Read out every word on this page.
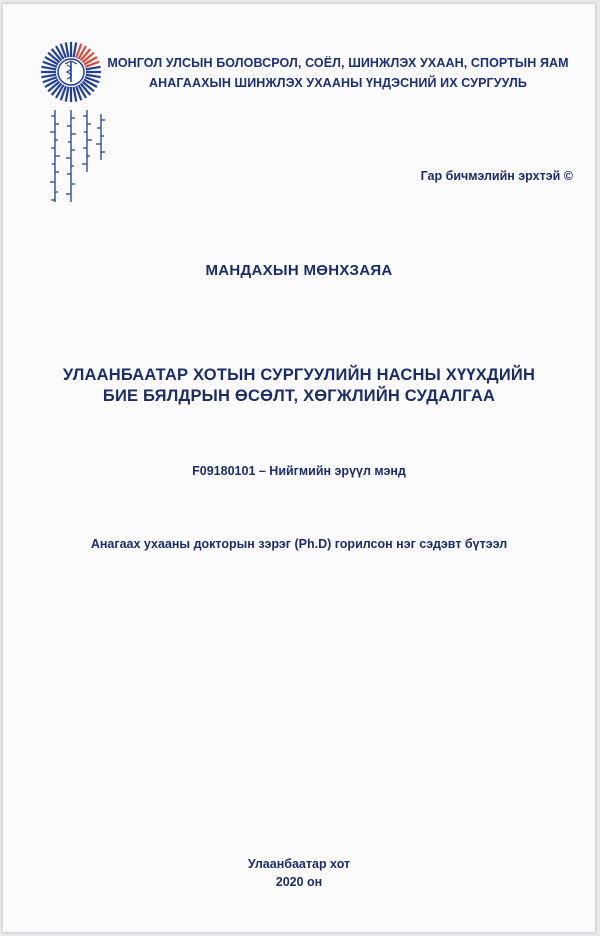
МОНГОЛ УЛСЫН БОЛОВСРОЛ, СОЁЛ, ШИНЖЛЭХ УХААН, СПОРТЫН ЯАМ
АНАГААХЫН ШИНЖЛЭХ УХААНЫ ҮНДЭСНИЙ ИХ СУРГУУЛЬ
Гар бичмэлийн эрхтэй ©
МАНДАХЫН МӨНХЗАЯА
УЛААНБААТАР ХОТЫН СУРГУУЛИЙН НАСНЫ ХҮҮХДИЙН
БИЕ БЯЛДРЫН ӨСӨЛТ, ХӨГЖЛИЙН СУДАЛГАА
F09180101 – Нийгмийн эрүүл мэнд
Анагаах ухааны докторын зэрэг (Ph.D) горилсон нэг сэдэвт бүтээл
Улаанбаатар хот
2020 он
